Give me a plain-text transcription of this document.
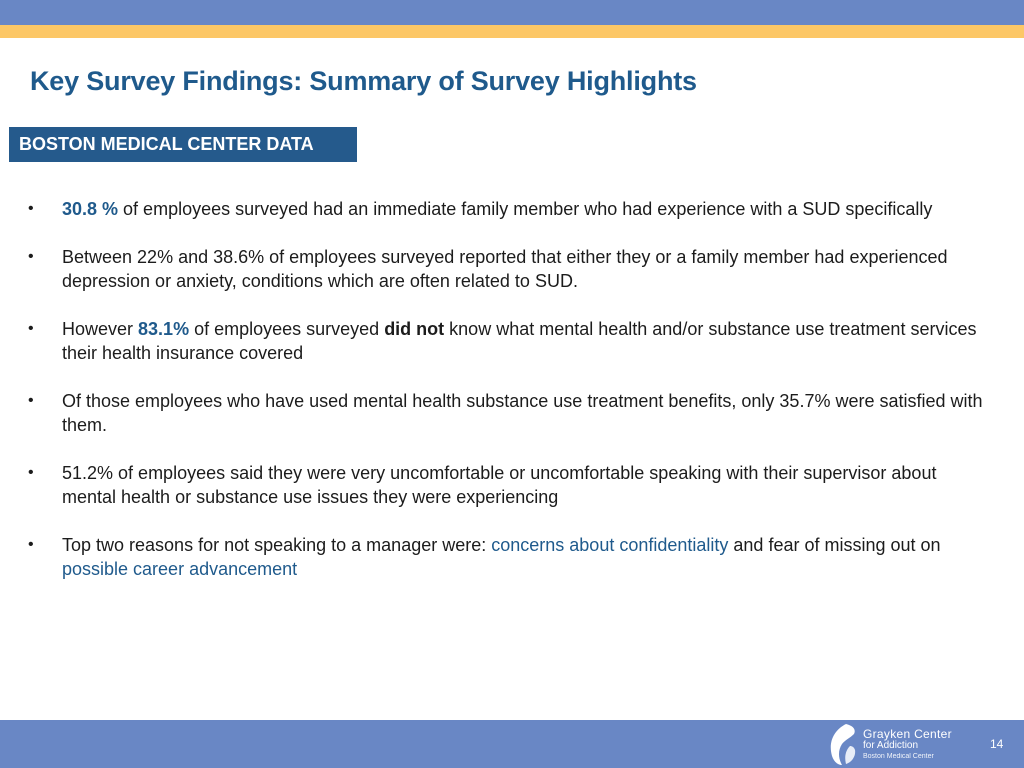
Key Survey Findings: Summary of Survey Highlights
BOSTON MEDICAL CENTER DATA
• 30.8 % of employees surveyed had an immediate family member who had experience with a SUD specifically
• Between 22% and 38.6% of employees surveyed reported that either they or a family member had experienced depression or anxiety, conditions which are often related to SUD.
• However 83.1% of employees surveyed did not know what mental health and/or substance use treatment services their health insurance covered
• Of those employees who have used mental health substance use treatment benefits, only 35.7% were satisfied with them.
• 51.2% of employees said they were very uncomfortable or uncomfortable speaking with their supervisor about mental health or substance use issues they were experiencing
• Top two reasons for not speaking to a manager were: concerns about confidentiality and fear of missing out on possible career advancement
Grayken Center
for Addiction
Boston Medical Center
14
